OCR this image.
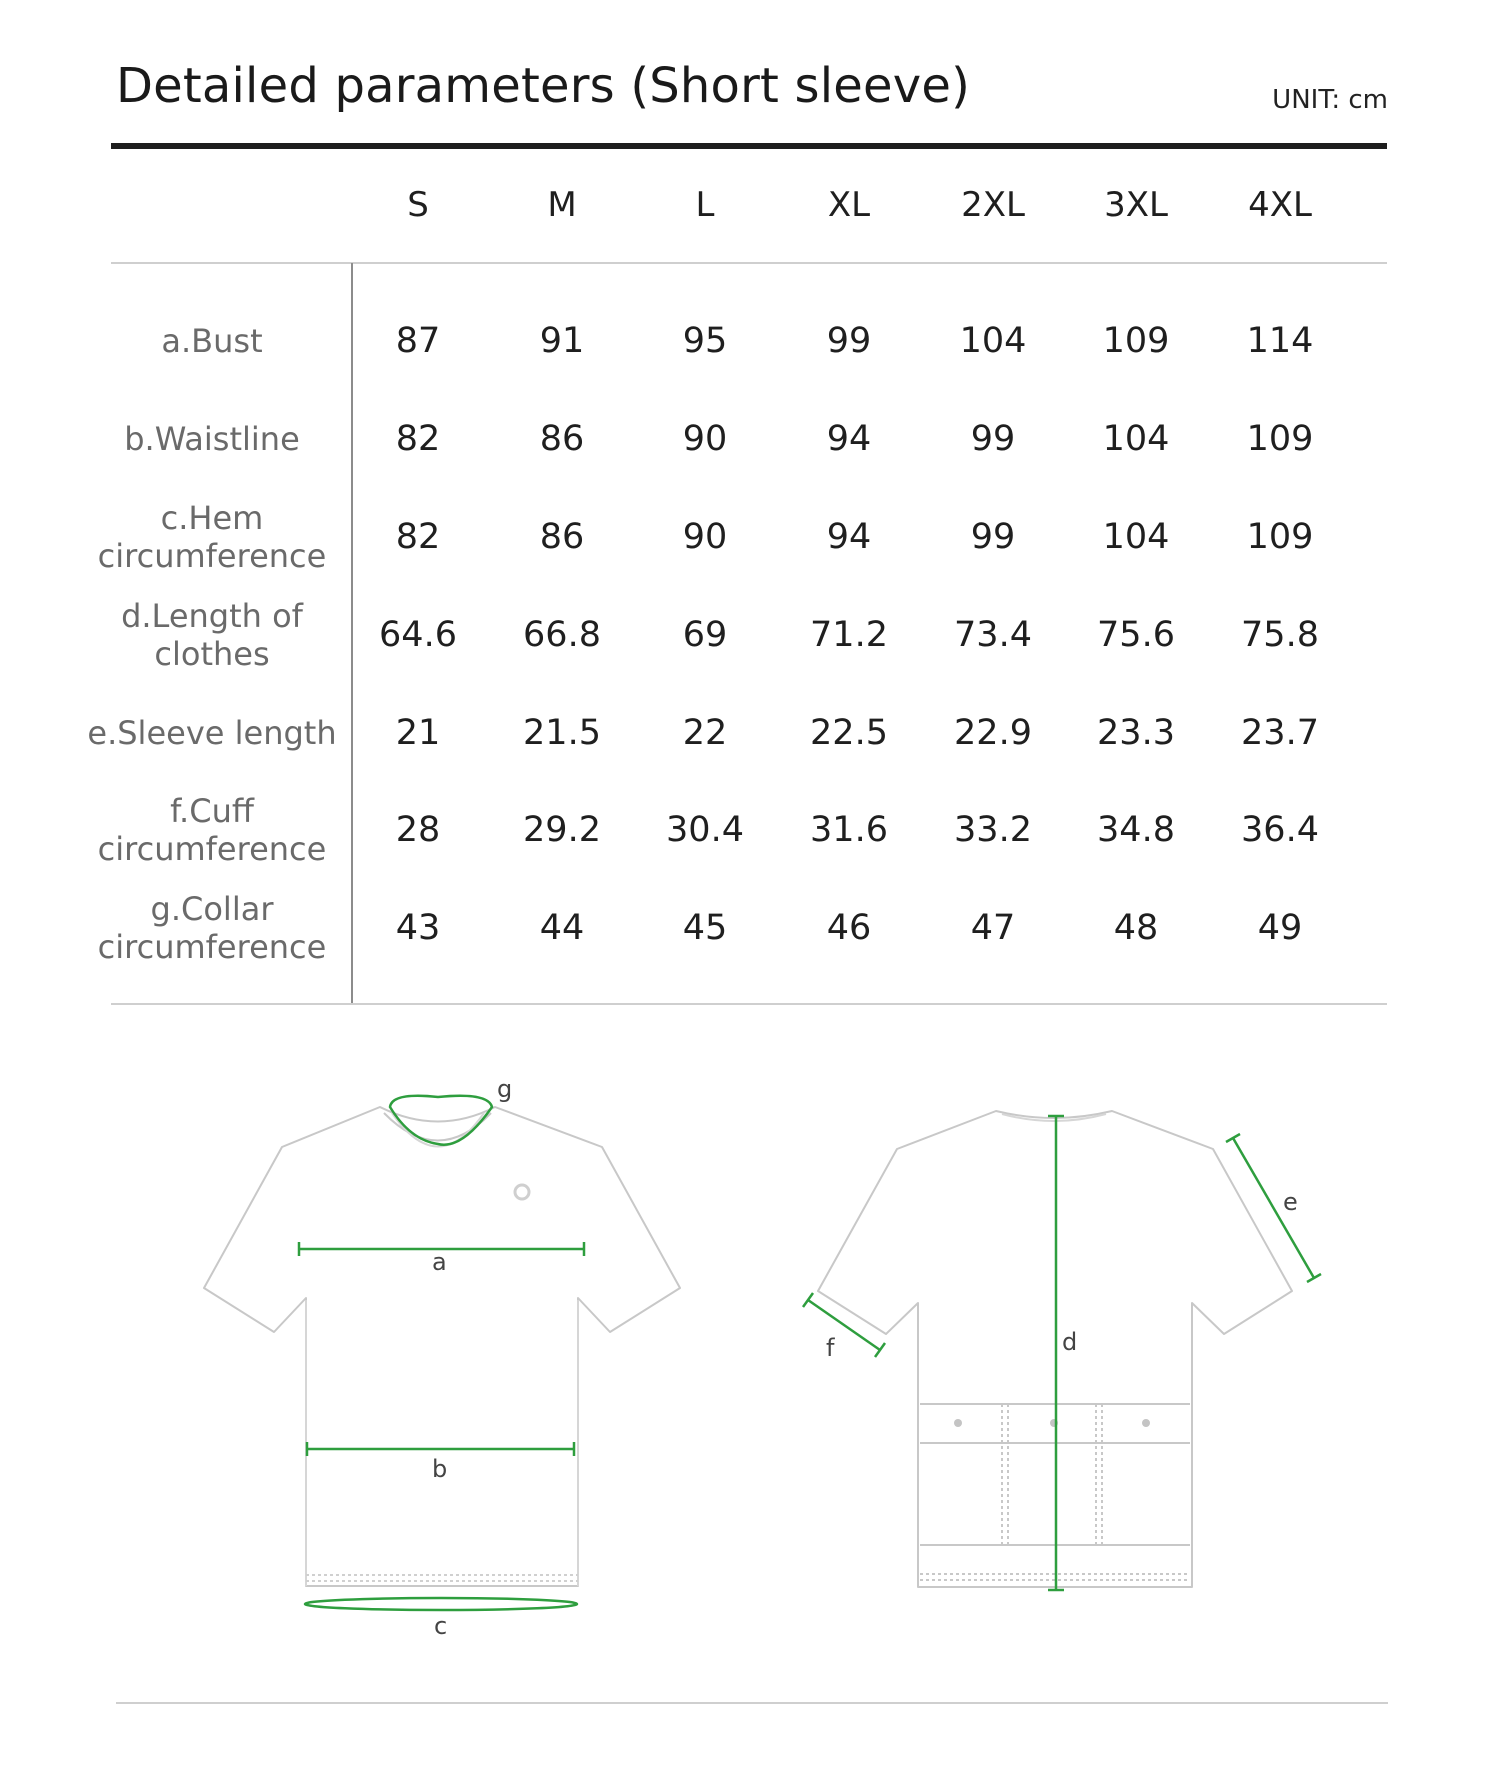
Detailed parameters (Short sleeve)	UNIT: cm
S	M	L	XL	2XL	3XL	4XL
a.Bust	87	91	95	99	104	109	114
b.Waistline	82	86	90	94	99	104	109
c.Hem circumference	82	86	90	94	99	104	109
d.Length of clothes	64.6	66.8	69	71.2	73.4	75.6	75.8
e.Sleeve length	21	21.5	22	22.5	22.9	23.3	23.7
f.Cuff circumference	28	29.2	30.4	31.6	33.2	34.8	36.4
g.Collar circumference	43	44	45	46	47	48	49
g
a
b
c
d
e
f
